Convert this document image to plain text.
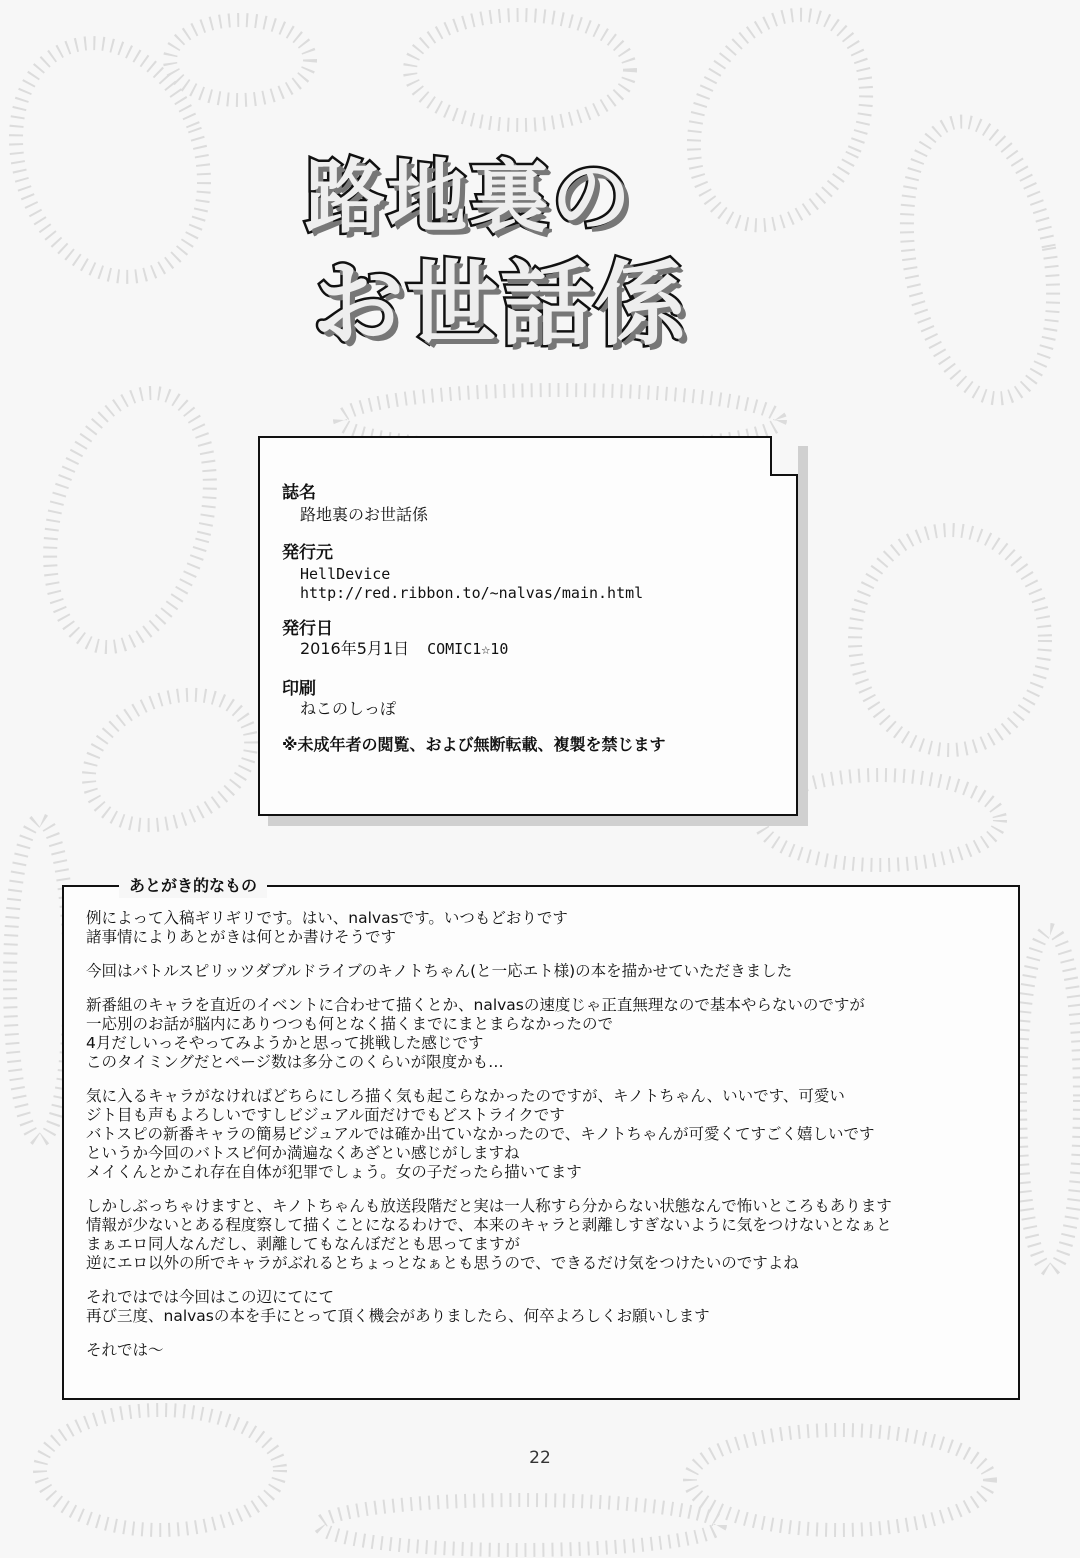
路地裏の
お世話係
誌名
路地裏のお世話係
発行元
HellDevice
http://red.ribbon.to/~nalvas/main.html
発行日
2016年5月1日 COMIC1☆10
印刷
ねこのしっぽ
※未成年者の閲覧、および無断転載、複製を禁じます
あとがき的なもの
例によって入稿ギリギリです。はい、nalvasです。いつもどおりです
諸事情によりあとがきは何とか書けそうです
今回はバトルスピリッツダブルドライブのキノトちゃん(と一応エト様)の本を描かせていただきました
新番組のキャラを直近のイベントに合わせて描くとか、nalvasの速度じゃ正直無理なので基本やらないのですが
一応別のお話が脳内にありつつも何となく描くまでにまとまらなかったので
4月だしいっそやってみようかと思って挑戦した感じです
このタイミングだとページ数は多分このくらいが限度かも…
気に入るキャラがなければどちらにしろ描く気も起こらなかったのですが、キノトちゃん、いいです、可愛い
ジト目も声もよろしいですしビジュアル面だけでもどストライクです
バトスピの新番キャラの簡易ビジュアルでは確か出ていなかったので、キノトちゃんが可愛くてすごく嬉しいです
というか今回のバトスピ何か満遍なくあざとい感じがしますね
メイくんとかこれ存在自体が犯罪でしょう。女の子だったら描いてます
しかしぶっちゃけますと、キノトちゃんも放送段階だと実は一人称すら分からない状態なんで怖いところもあります
情報が少ないとある程度察して描くことになるわけで、本来のキャラと剥離しすぎないように気をつけないとなぁと
まぁエロ同人なんだし、剥離してもなんぼだとも思ってますが
逆にエロ以外の所でキャラがぶれるとちょっとなぁとも思うので、できるだけ気をつけたいのですよね
それではでは今回はこの辺にてにて
再び三度、nalvasの本を手にとって頂く機会がありましたら、何卒よろしくお願いします
それでは～
22
